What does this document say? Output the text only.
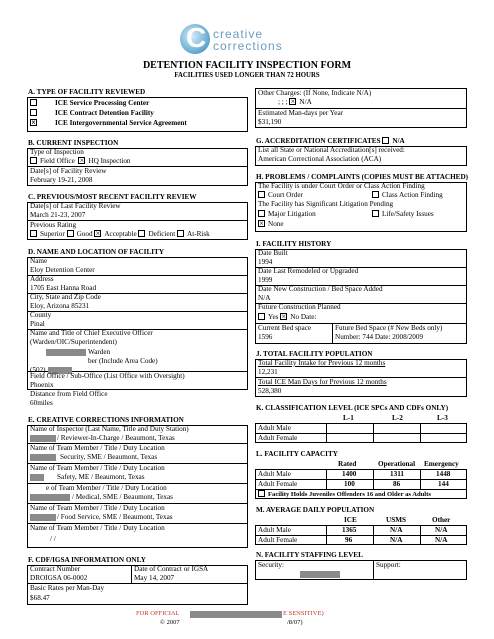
C creative
corrections
DETENTION FACILITY INSPECTION FORM
FACILITIES USED LONGER THAN 72 HOURS
A. TYPE OF FACILITY REVIEWED
ICE Service Processing Center
ICE Contract Detention Facility
×ICE Intergovernmental Service Agreement
B. CURRENT INSPECTION
Type of Inspection
Field Office × HQ Inspection
Date[s] of Facility Review
February 19-21, 2008
C. PREVIOUS/MOST RECENT FACILITY REVIEW
Date[s] of Last Facility Review
March 21-23, 2007
Previous Rating
Superior Good × Acceptable Deficient At-Risk
D. NAME AND LOCATION OF FACILITY
Name
Eloy Detention Center
Address
1705 East Hanna Road
City, State and Zip Code
Eloy, Arizona 85231
County
Pinal
Name and Title of Chief Executive Officer
(Warden/OIC/Superintendent)
Warden
ber (Include Area Code)
(502)
Field Office / Sub-Office (List Office with Oversight)
Phoenix
Distance from Field Office
60miles
E. CREATIVE CORRECTIONS INFORMATION
Name of Inspector (Last Name, Title and Duty Station)
/ Reviewer-In-Charge / Beaumont, Texas
Name of Team Member / Title / Duty Location
Security, SME / Beaumont, Texas
Name of Team Member / Title / Duty Location
Safety, ME / Beaumont, Texas
e of Team Member / Title / Duty Location
/ Medical, SME / Beaumont, Texas
Name of Team Member / Title / Duty Location
/ Food Service, SME / Beaumont, Texas
Name of Team Member / Title / Duty Location
/ /
F. CDF/IGSA INFORMATION ONLY
Contract Number
DROIGSA 06-0002
Date of Contract or IGSA
May 14, 2007
Basic Rates per Man-Day
$68.47
Other Charges: (If None, Indicate N/A)
; ; ; × N/A
Estimated Man-days per Year
$31,190
G. ACCREDITATION CERTIFICATES N/A
List all State or National Accreditation[s] received:
American Correctional Association (ACA)
H. PROBLEMS / COMPLAINTS (COPIES MUST BE ATTACHED)
The Facility is under Court Order or Class Action Finding
Court Order	Class Action Finding
The Facility has Significant Litigation Pending
Major Litigation	Life/Safety Issues
×None
I. FACILITY HISTORY
Date Built
1994
Date Last Remodeled or Upgraded
1999
Date New Construction / Bed Space Added
N/A
Future Construction Planned
Yes × No Date:
Current Bed space
1596
Future Bed Space (# New Beds only)
Number: 744 Date: 2008/2009
J. TOTAL FACILITY POPULATION
Total Facility Intake for Previous 12 months
12,231
Total ICE Man Days for Previous 12 months
528,380
K. CLASSIFICATION LEVEL (ICE SPCs AND CDFs ONLY)
L-1	L-2	L-3
Adult Male
Adult Female
L. FACILITY CAPACITY
Rated	Operational Emergency
Adult Male	1400	1311	1448
Adult Female	100	86	144
Facility Holds Juveniles Offenders 16 and Older as Adults
M. AVERAGE DAILY POPULATION
ICE	USMS	Other
Adult Male	1365	N/A	N/A
Adult Female	96	N/A	N/A
N. FACILITY STAFFING LEVEL
Security:	Support:
FOR OFFICIAL	E SENSITIVE)
© 2007	/8/07)
